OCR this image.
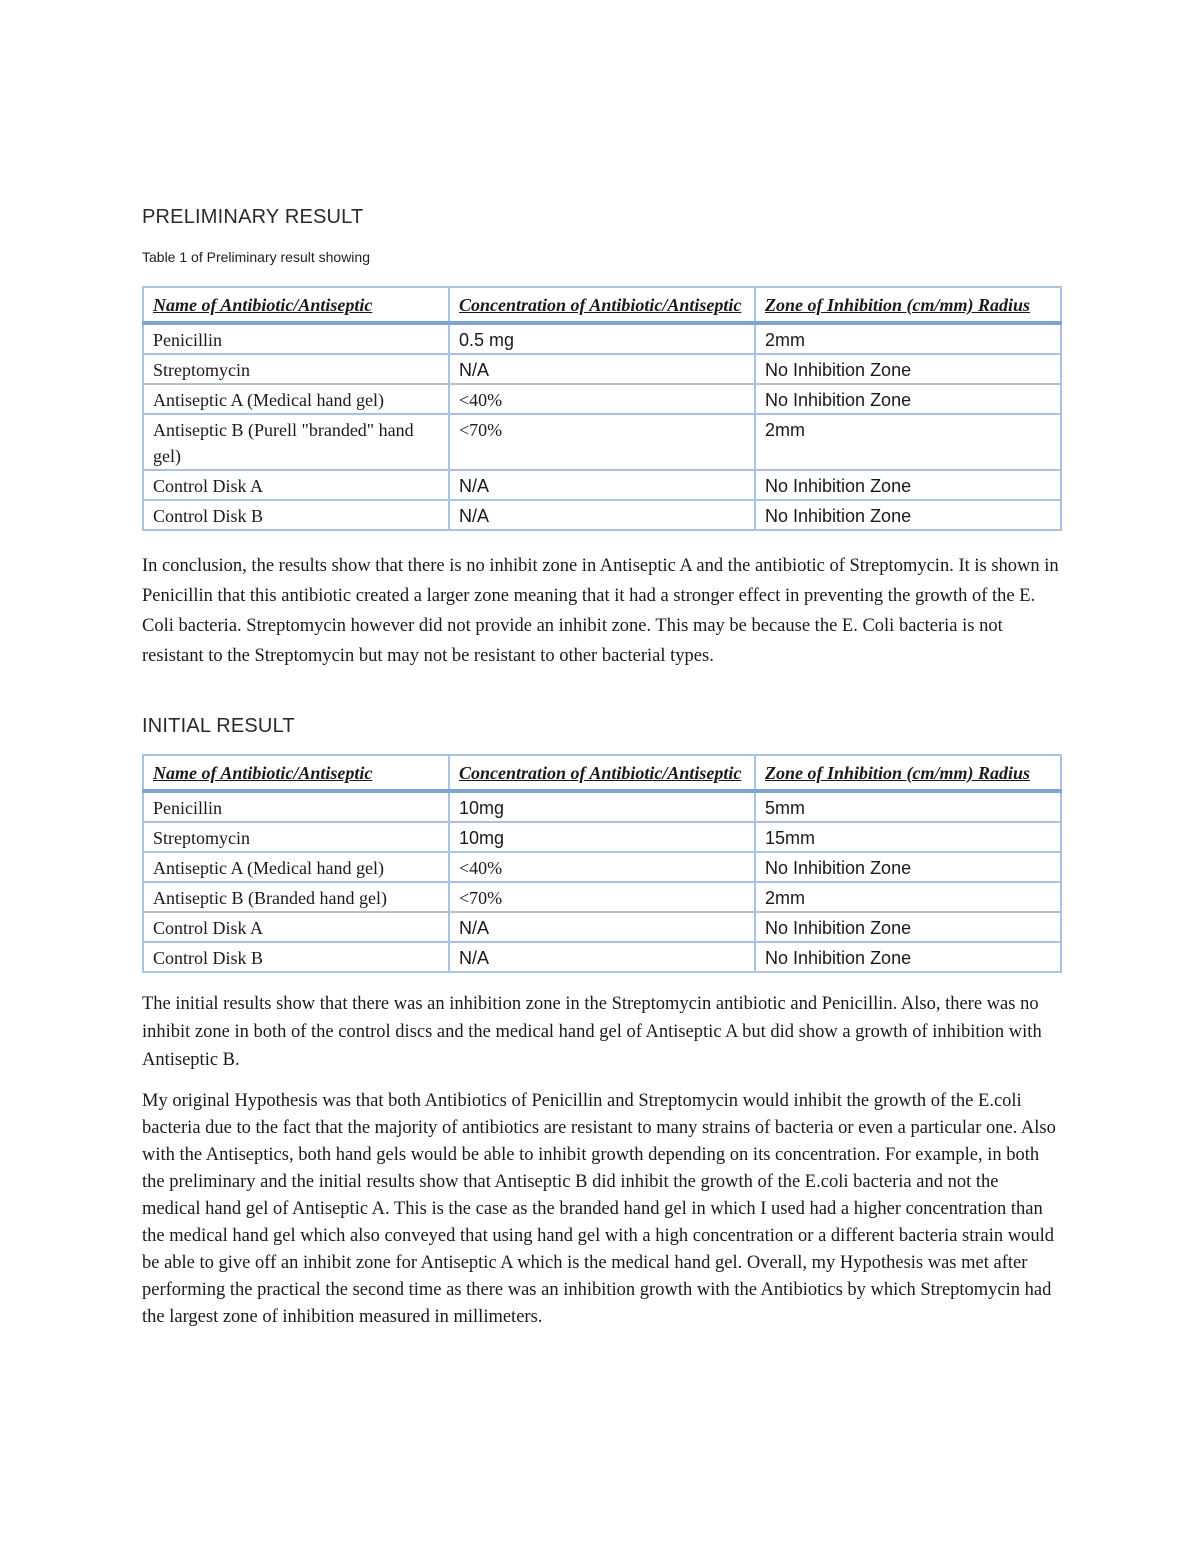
PRELIMINARY RESULT
Table 1 of Preliminary result showing
Name of Antibiotic/Antiseptic	Concentration of Antibiotic/Antiseptic	Zone of Inhibition (cm/mm) Radius
Penicillin	0.5 mg	2mm
Streptomycin	N/A	No Inhibition Zone
Antiseptic A (Medical hand gel)	<40%	No Inhibition Zone
Antiseptic B (Purell "branded" hand gel)	<70%	2mm
Control Disk A	N/A	No Inhibition Zone
Control Disk B	N/A	No Inhibition Zone

In conclusion, the results show that there is no inhibit zone in Antiseptic A and the antibiotic of Streptomycin. It is shown in Penicillin that this antibiotic created a larger zone meaning that it had a stronger effect in preventing the growth of the E. Coli bacteria. Streptomycin however did not provide an inhibit zone. This may be because the E. Coli bacteria is not resistant to the Streptomycin but may not be resistant to other bacterial types.

INITIAL RESULT
Name of Antibiotic/Antiseptic	Concentration of Antibiotic/Antiseptic	Zone of Inhibition (cm/mm) Radius
Penicillin	10mg	5mm
Streptomycin	10mg	15mm
Antiseptic A (Medical hand gel)	<40%	No Inhibition Zone
Antiseptic B (Branded hand gel)	<70%	2mm
Control Disk A	N/A	No Inhibition Zone
Control Disk B	N/A	No Inhibition Zone

The initial results show that there was an inhibition zone in the Streptomycin antibiotic and Penicillin. Also, there was no inhibit zone in both of the control discs and the medical hand gel of Antiseptic A but did show a growth of inhibition with Antiseptic B.

My original Hypothesis was that both Antibiotics of Penicillin and Streptomycin would inhibit the growth of the E.coli bacteria due to the fact that the majority of antibiotics are resistant to many strains of bacteria or even a particular one. Also with the Antiseptics, both hand gels would be able to inhibit growth depending on its concentration. For example, in both the preliminary and the initial results show that Antiseptic B did inhibit the growth of the E.coli bacteria and not the medical hand gel of Antiseptic A. This is the case as the branded hand gel in which I used had a higher concentration than the medical hand gel which also conveyed that using hand gel with a high concentration or a different bacteria strain would be able to give off an inhibit zone for Antiseptic A which is the medical hand gel. Overall, my Hypothesis was met after performing the practical the second time as there was an inhibition growth with the Antibiotics by which Streptomycin had the largest zone of inhibition measured in millimeters.
